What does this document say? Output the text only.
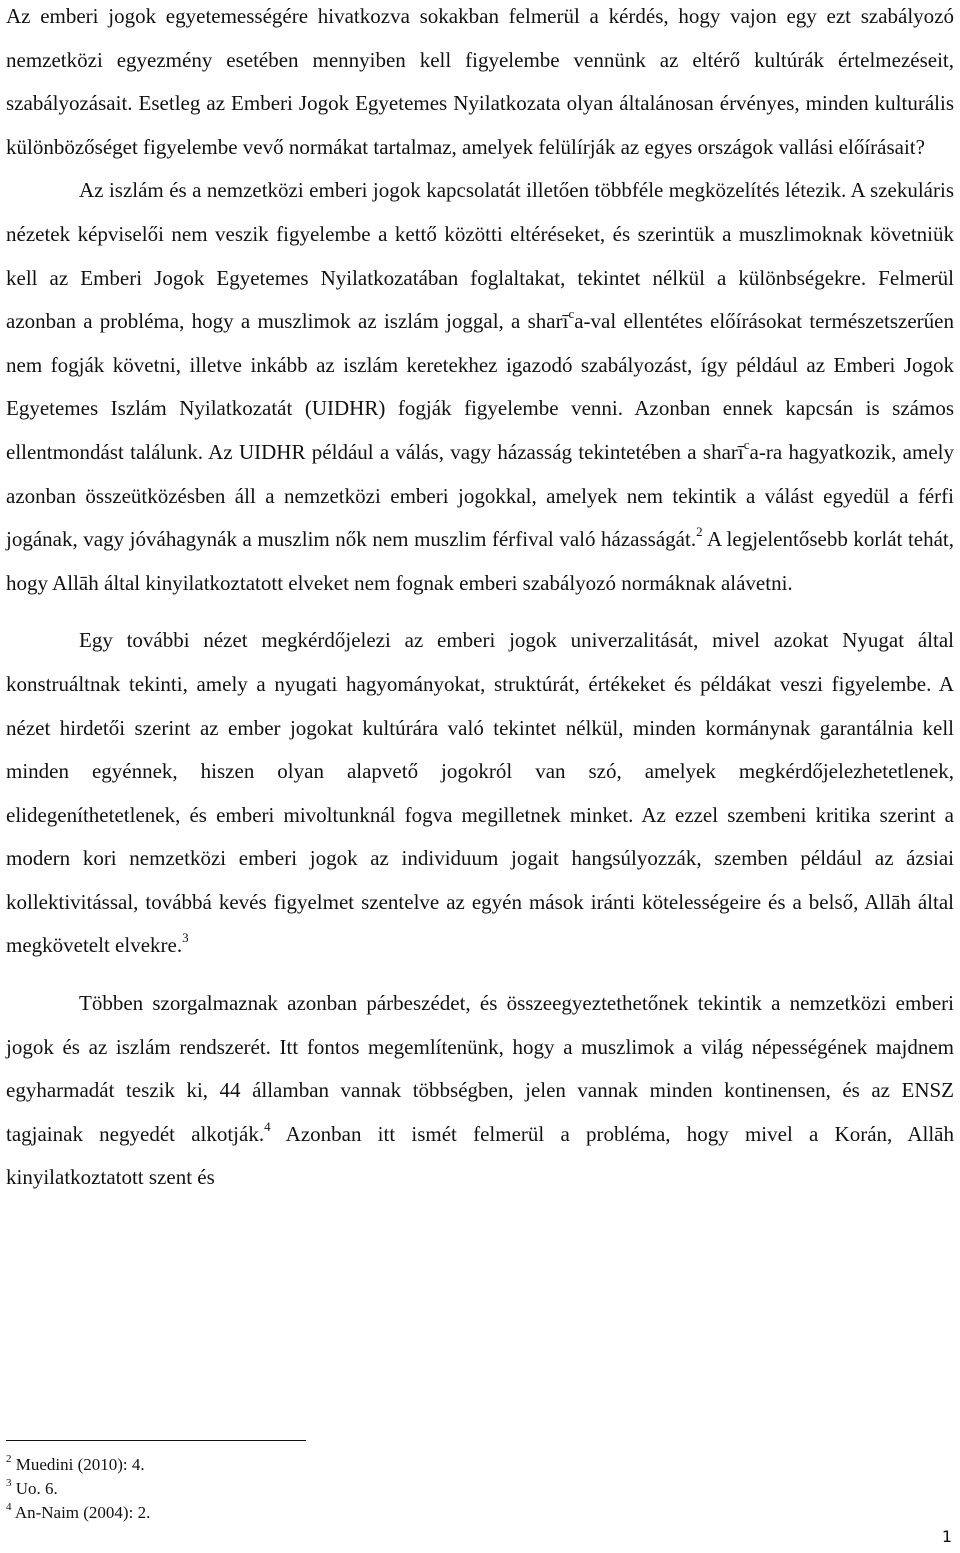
Az emberi jogok egyetemességére hivatkozva sokakban felmerül a kérdés, hogy vajon egy ezt szabályozó nemzetközi egyezmény esetében mennyiben kell figyelembe vennünk az eltérő kultúrák értelmezéseit, szabályozásait. Esetleg az Emberi Jogok Egyetemes Nyilatkozata olyan általánosan érvényes, minden kulturális különbözőséget figyelembe vevő normákat tartalmaz, amelyek felülírják az egyes országok vallási előírásait?

Az iszlám és a nemzetközi emberi jogok kapcsolatát illetően többféle megközelítés létezik. A szekuláris nézetek képviselői nem veszik figyelembe a kettő közötti eltéréseket, és szerintük a muszlimoknak követniük kell az Emberi Jogok Egyetemes Nyilatkozatában foglaltakat, tekintet nélkül a különbségekre. Felmerül azonban a probléma, hogy a muszlimok az iszlám joggal, a sharī$^c$a-val ellentétes előírásokat természetszerűen nem fogják követni, illetve inkább az iszlám keretekhez igazodó szabályozást, így például az Emberi Jogok Egyetemes Iszlám Nyilatkozatát (UIDHR) fogják figyelembe venni. Azonban ennek kapcsán is számos ellentmondást találunk. Az UIDHR például a válás, vagy házasság tekintetében a sharī$^c$a-ra hagyatkozik, amely azonban összeütközésben áll a nemzetközi emberi jogokkal, amelyek nem tekintik a válást egyedül a férfi jogának, vagy jóváhagynák a muszlim nők nem muszlim férfival való házasságát.$^2$ A legjelentősebb korlát tehát, hogy Allāh által kinyilatkoztatott elveket nem fognak emberi szabályozó normáknak alávetni.

Egy további nézet megkérdőjelezi az emberi jogok univerzalitását, mivel azokat Nyugat által konstruáltnak tekinti, amely a nyugati hagyományokat, struktúrát, értékeket és példákat veszi figyelembe. A nézet hirdetői szerint az ember jogokat kultúrára való tekintet nélkül, minden kormánynak garantálnia kell minden egyénnek, hiszen olyan alapvető jogokról van szó, amelyek megkérdőjelezhetetlenek, elidegeníthetetlenek, és emberi mivoltunknál fogva megilletnek minket. Az ezzel szembeni kritika szerint a modern kori nemzetközi emberi jogok az individuum jogait hangsúlyozzák, szemben például az ázsiai kollektivitással, továbbá kevés figyelmet szentelve az egyén mások iránti kötelességeire és a belső, Allāh által megkövetelt elvekre.$^3$

Többen szorgalmaznak azonban párbeszédet, és összeegyeztethetőnek tekintik a nemzetközi emberi jogok és az iszlám rendszerét. Itt fontos megemlítenünk, hogy a muszlimok a világ népességének majdnem egyharmadát teszik ki, 44 államban vannak többségben, jelen vannak minden kontinensen, és az ENSZ tagjainak negyedét alkotják.$^4$ Azonban itt ismét felmerül a probléma, hogy mivel a Korán, Allāh kinyilatkoztatott szent és

$^2$ Muedini (2010): 4.
$^3$ Uo. 6.
$^4$ An-Naim (2004): 2.
1
